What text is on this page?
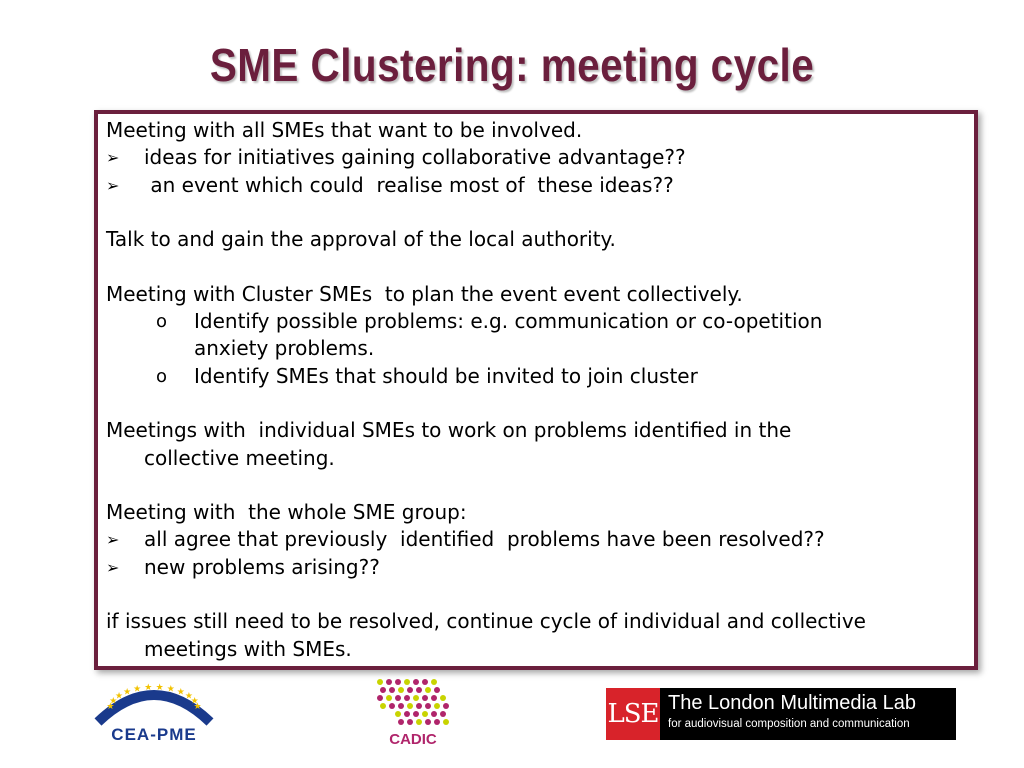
SME Clustering: meeting cycle
Meeting with all SMEs that want to be involved.
➢	ideas for initiatives gaining collaborative advantage??
➢	an event which could  realise most of  these ideas??
Talk to and gain the approval of the local authority.
Meeting with Cluster SMEs  to plan the event event collectively.
o Identify possible problems: e.g. communication or co-opetition
anxiety problems.
o Identify SMEs that should be invited to join cluster
Meetings with  individual SMEs to work on problems identified in the
collective meeting.
Meeting with  the whole SME group:
➢	all agree that previously  identified  problems have been resolved??
➢	new problems arising??
if issues still need to be resolved, continue cycle of individual and collective
meetings with SMEs.
★
★
★ ★ ★ ★ ★ ★ ★ ★
★
★
CEA-PME	CADIC
LSE The London Multimedia Lab
for audiovisual composition and communication
